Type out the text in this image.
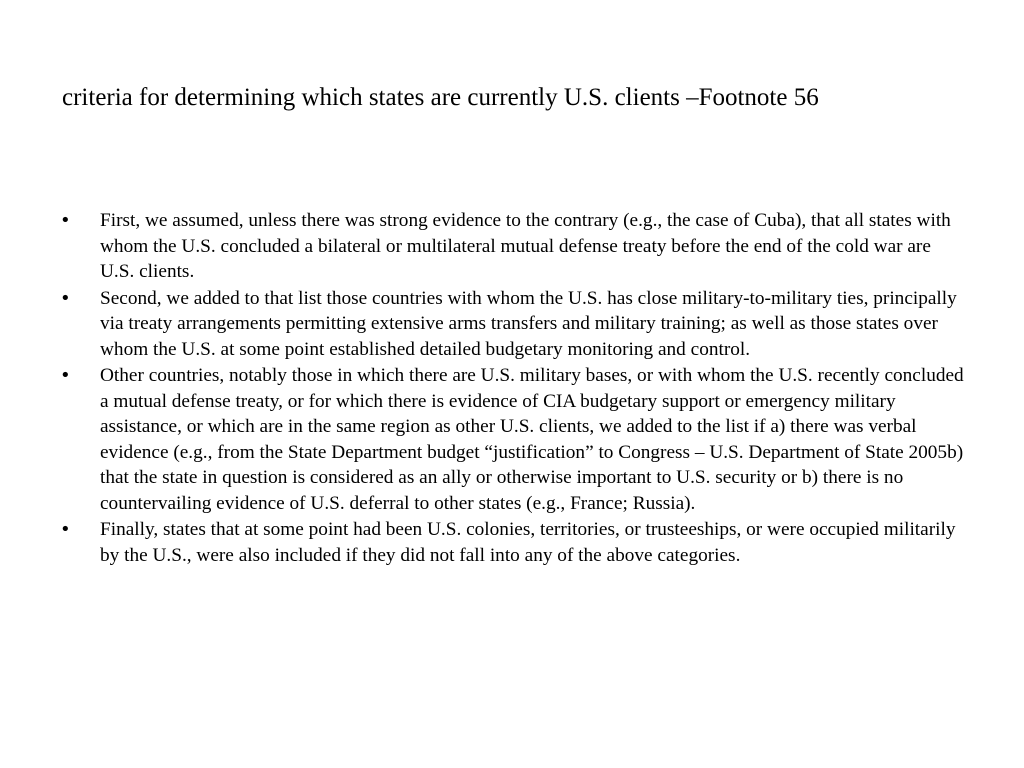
criteria for determining which states are currently U.S. clients –Footnote 56
• First, we assumed, unless there was strong evidence to the contrary (e.g., the case of Cuba), that all states with whom the U.S. concluded a bilateral or multilateral mutual defense treaty before the end of the cold war are U.S. clients.
• Second, we added to that list those countries with whom the U.S. has close military-to-military ties, principally via treaty arrangements permitting extensive arms transfers and military training; as well as those states over whom the U.S. at some point established detailed budgetary monitoring and control.
• Other countries, notably those in which there are U.S. military bases, or with whom the U.S. recently concluded a mutual defense treaty, or for which there is evidence of CIA budgetary support or emergency military assistance, or which are in the same region as other U.S. clients, we added to the list if a) there was verbal evidence (e.g., from the State Department budget “justification” to Congress – U.S. Department of State 2005b) that the state in question is considered as an ally or otherwise important to U.S. security or b) there is no countervailing evidence of U.S. deferral to other states (e.g., France; Russia).
• Finally, states that at some point had been U.S. colonies, territories, or trusteeships, or were occupied militarily by the U.S., were also included if they did not fall into any of the above categories.
